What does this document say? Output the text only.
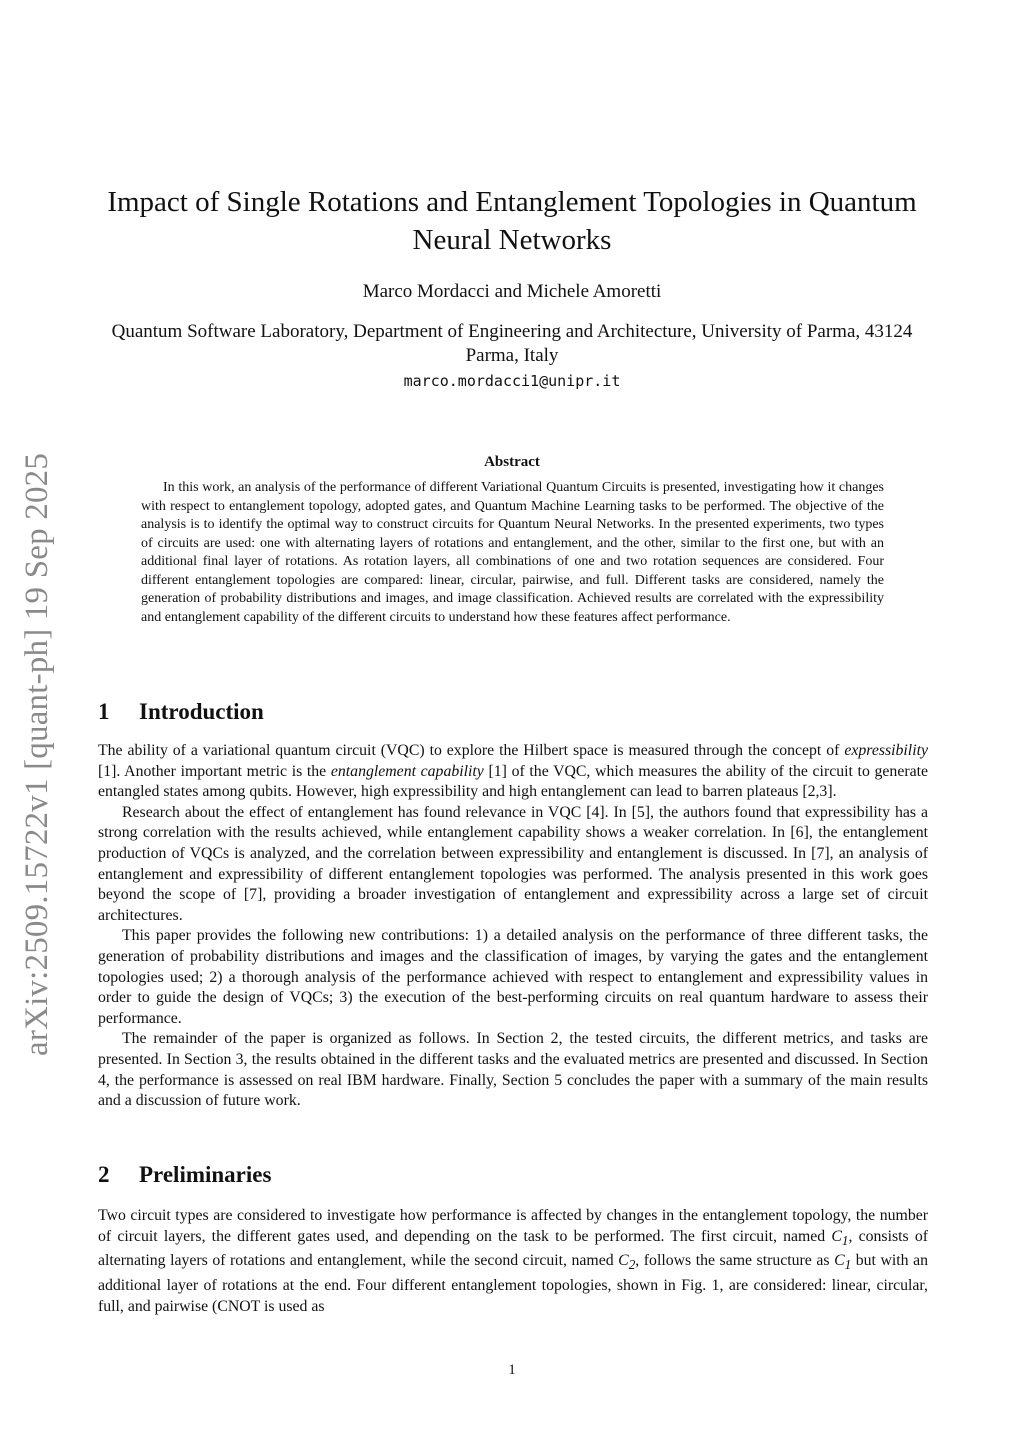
arXiv:2509.15722v1 [quant-ph] 19 Sep 2025
Impact of Single Rotations and Entanglement Topologies in Quantum Neural Networks
Marco Mordacci and Michele Amoretti
Quantum Software Laboratory, Department of Engineering and Architecture, University of Parma, 43124 Parma, Italy
marco.mordacci1@unipr.it
Abstract

In this work, an analysis of the performance of different Variational Quantum Circuits is presented, investigating how it changes with respect to entanglement topology, adopted gates, and Quantum Machine Learning tasks to be performed. The objective of the analysis is to identify the optimal way to construct circuits for Quantum Neural Networks. In the presented experiments, two types of circuits are used: one with alternating layers of rotations and entanglement, and the other, similar to the first one, but with an additional final layer of rotations. As rotation layers, all combinations of one and two rotation sequences are considered. Four different entanglement topologies are compared: linear, circular, pairwise, and full. Different tasks are considered, namely the generation of probability distributions and images, and image classification. Achieved results are correlated with the expressibility and entanglement capability of the different circuits to understand how these features affect performance.

1 Introduction

The ability of a variational quantum circuit (VQC) to explore the Hilbert space is measured through the concept of expressibility [1]. Another important metric is the entanglement capability [1] of the VQC, which measures the ability of the circuit to generate entangled states among qubits. However, high expressibility and high entanglement can lead to barren plateaus [2,3].

Research about the effect of entanglement has found relevance in VQC [4]. In [5], the authors found that expressibility has a strong correlation with the results achieved, while entanglement capability shows a weaker correlation. In [6], the entanglement production of VQCs is analyzed, and the correlation between expressibility and entanglement is discussed. In [7], an analysis of entanglement and expressibility of different entanglement topologies was performed. The analysis presented in this work goes beyond the scope of [7], providing a broader investigation of entanglement and expressibility across a large set of circuit architectures.

This paper provides the following new contributions: 1) a detailed analysis on the performance of three different tasks, the generation of probability distributions and images and the classification of images, by varying the gates and the entanglement topologies used; 2) a thorough analysis of the performance achieved with respect to entanglement and expressibility values in order to guide the design of VQCs; 3) the execution of the best-performing circuits on real quantum hardware to assess their performance.

The remainder of the paper is organized as follows. In Section 2, the tested circuits, the different metrics, and tasks are presented. In Section 3, the results obtained in the different tasks and the evaluated metrics are presented and discussed. In Section 4, the performance is assessed on real IBM hardware. Finally, Section 5 concludes the paper with a summary of the main results and a discussion of future work.

2 Preliminaries

Two circuit types are considered to investigate how performance is affected by changes in the entanglement topology, the number of circuit layers, the different gates used, and depending on the task to be performed. The first circuit, named $C_1$, consists of alternating layers of rotations and entanglement, while the second circuit, named $C_2$, follows the same structure as $C_1$ but with an additional layer of rotations at the end. Four different entanglement topologies, shown in Fig. 1, are considered: linear, circular, full, and pairwise (CNOT is used as

1
